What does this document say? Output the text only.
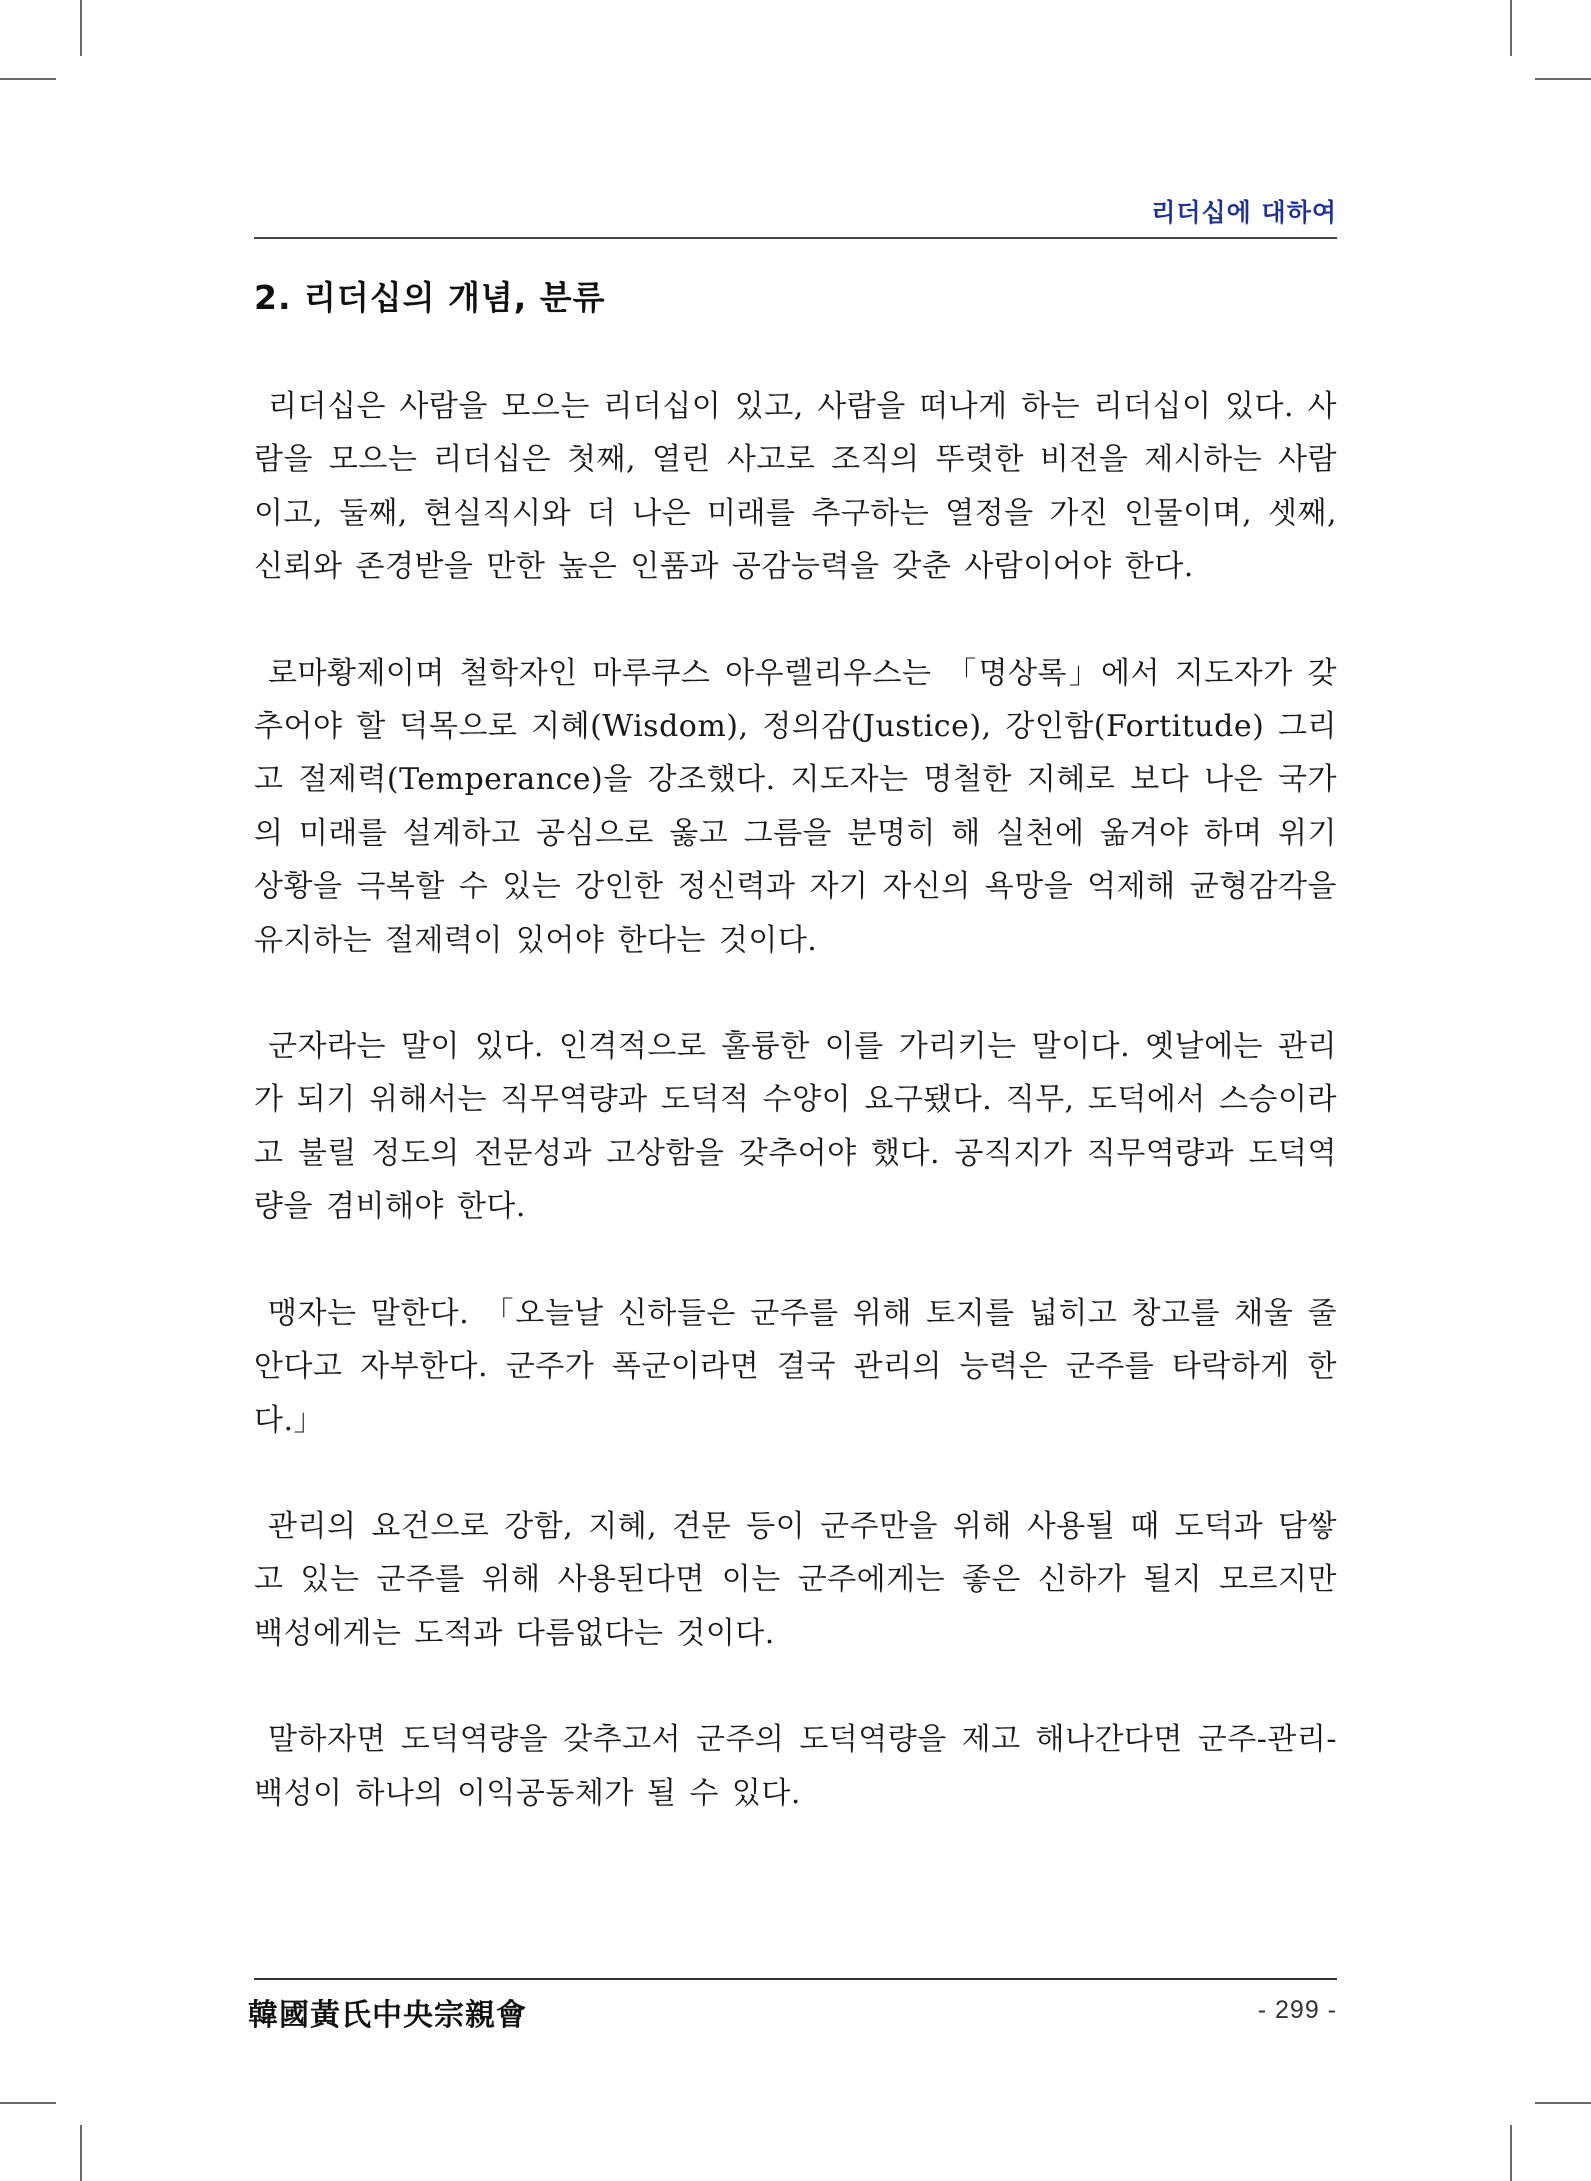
리더십에 대하여
2. 리더십의 개념, 분류

리더십은 사람을 모으는 리더십이 있고, 사람을 떠나게 하는 리더십이 있다. 사람을 모으는 리더십은 첫째, 열린 사고로 조직의 뚜렷한 비전을 제시하는 사람이고, 둘째, 현실직시와 더 나은 미래를 추구하는 열정을 가진 인물이며, 셋째, 신뢰와 존경받을 만한 높은 인품과 공감능력을 갖춘 사람이어야 한다.

로마황제이며 철학자인 마루쿠스 아우렐리우스는 「명상록」에서 지도자가 갖추어야 할 덕목으로 지혜(Wisdom), 정의감(Justice), 강인함(Fortitude) 그리고 절제력(Temperance)을 강조했다. 지도자는 명철한 지혜로 보다 나은 국가의 미래를 설계하고 공심으로 옳고 그름을 분명히 해 실천에 옮겨야 하며 위기 상황을 극복할 수 있는 강인한 정신력과 자기 자신의 욕망을 억제해 균형감각을 유지하는 절제력이 있어야 한다는 것이다.

군자라는 말이 있다. 인격적으로 훌륭한 이를 가리키는 말이다. 옛날에는 관리가 되기 위해서는 직무역량과 도덕적 수양이 요구됐다. 직무, 도덕에서 스승이라고 불릴 정도의 전문성과 고상함을 갖추어야 했다. 공직지가 직무역량과 도덕역량을 겸비해야 한다.

맹자는 말한다. 「오늘날 신하들은 군주를 위해 토지를 넓히고 창고를 채울 줄 안다고 자부한다. 군주가 폭군이라면 결국 관리의 능력은 군주를 타락하게 한다.」

관리의 요건으로 강함, 지혜, 견문 등이 군주만을 위해 사용될 때 도덕과 담쌓고 있는 군주를 위해 사용된다면 이는 군주에게는 좋은 신하가 될지 모르지만 백성에게는 도적과 다름없다는 것이다.

말하자면 도덕역량을 갖추고서 군주의 도덕역량을 제고 해나간다면 군주-관리-백성이 하나의 이익공동체가 될 수 있다.

韓國黃氏中央宗親會	- 299 -
